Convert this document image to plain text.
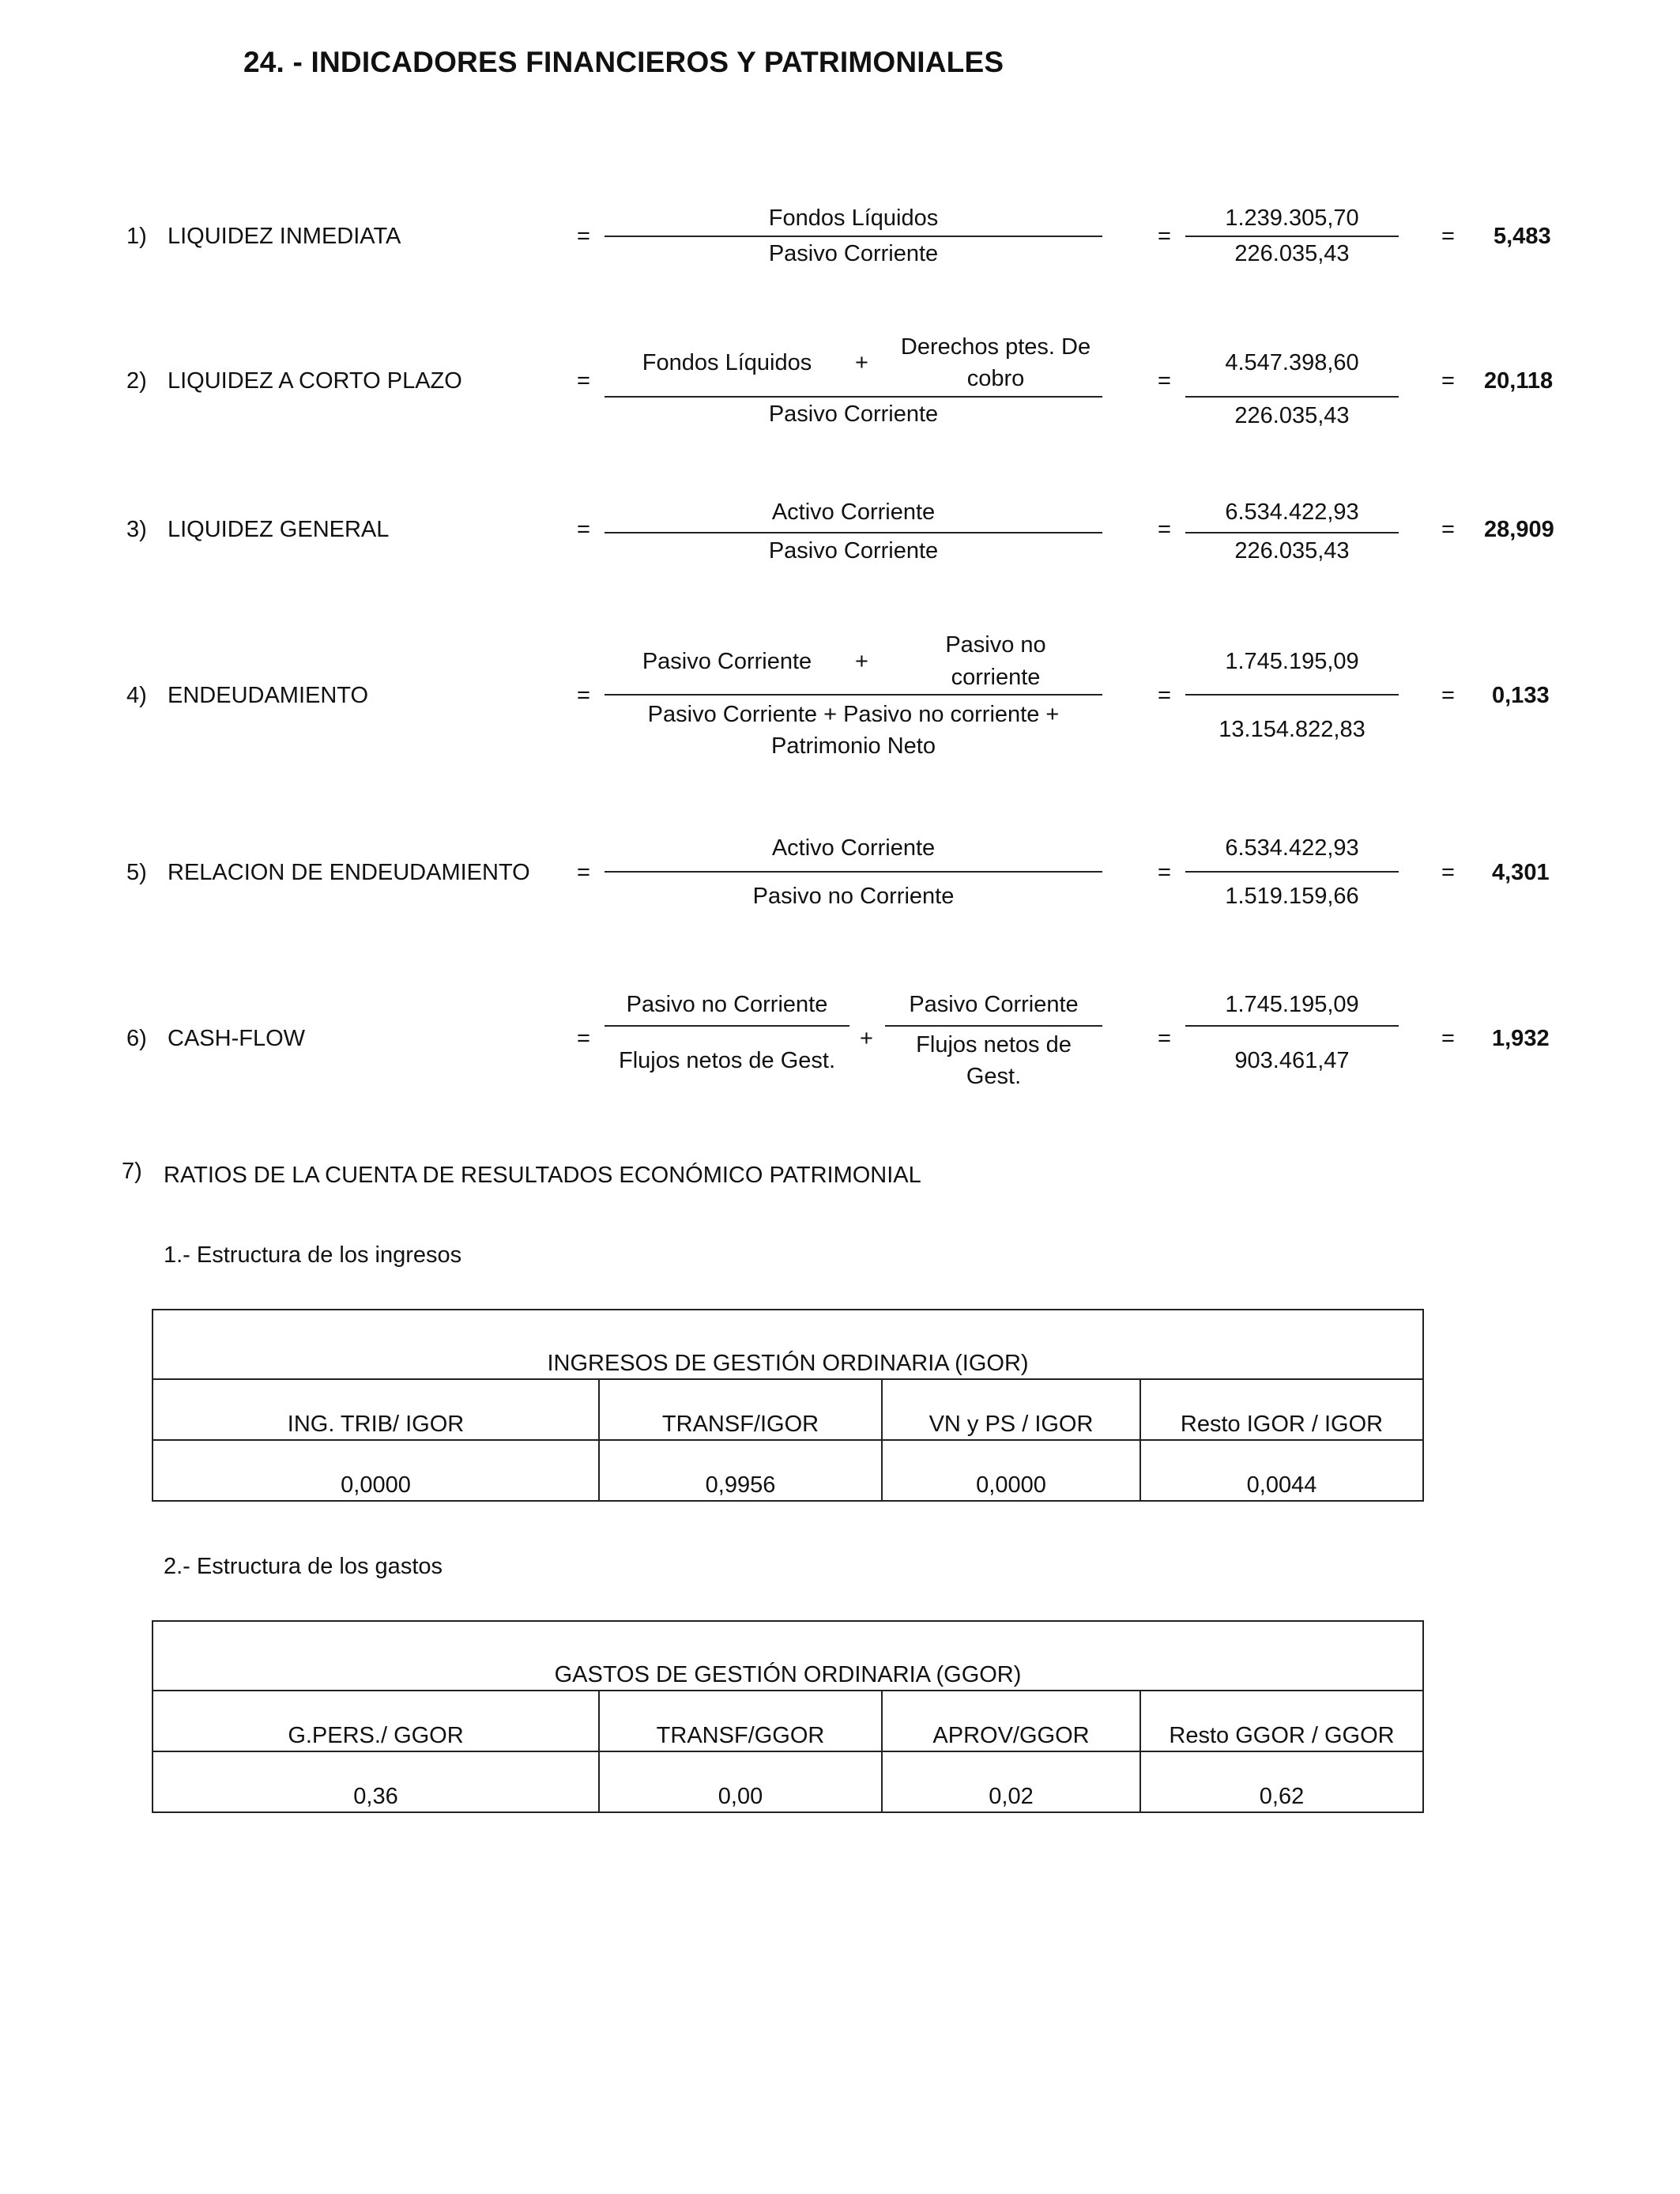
24. - INDICADORES FINANCIEROS Y PATRIMONIALES
1) LIQUIDEZ INMEDIATA	=
Fondos Líquidos
Pasivo Corriente
=
1.239.305,70
226.035,43
= 5,483
2) LIQUIDEZ A CORTO PLAZO	=
Fondos Líquidos	+
Derechos ptes. De
cobro
Pasivo Corriente
=
4.547.398,60
226.035,43
= 20,118
3) LIQUIDEZ GENERAL	=
Activo Corriente
Pasivo Corriente
=
6.534.422,93
226.035,43
= 28,909
4) ENDEUDAMIENTO	=
Pasivo Corriente	+
Pasivo no
corriente
Pasivo Corriente + Pasivo no corriente +
Patrimonio Neto
=
1.745.195,09
13.154.822,83
= 0,133
5) RELACION DE ENDEUDAMIENTO =
Activo Corriente
Pasivo no Corriente
=
6.534.422,93
1.519.159,66
= 4,301
6) CASH-FLOW	=
Pasivo no Corriente
Flujos netos de Gest.
+
Pasivo Corriente
Flujos netos de
Gest.
=
1.745.195,09
903.461,47
= 1,932
7) RATIOS DE LA CUENTA DE RESULTADOS ECONÓMICO PATRIMONIAL
1.- Estructura de los ingresos
INGRESOS DE GESTIÓN ORDINARIA (IGOR)			
ING. TRIB/ IGOR	TRANSF/IGOR	VN y PS / IGOR	Resto IGOR / IGOR
0,0000	0,9956	0,0000	0,0044
2.- Estructura de los gastos
GASTOS DE GESTIÓN ORDINARIA (GGOR)			
G.PERS./ GGOR	TRANSF/GGOR	APROV/GGOR	Resto GGOR / GGOR
0,36	0,00	0,02	0,62
